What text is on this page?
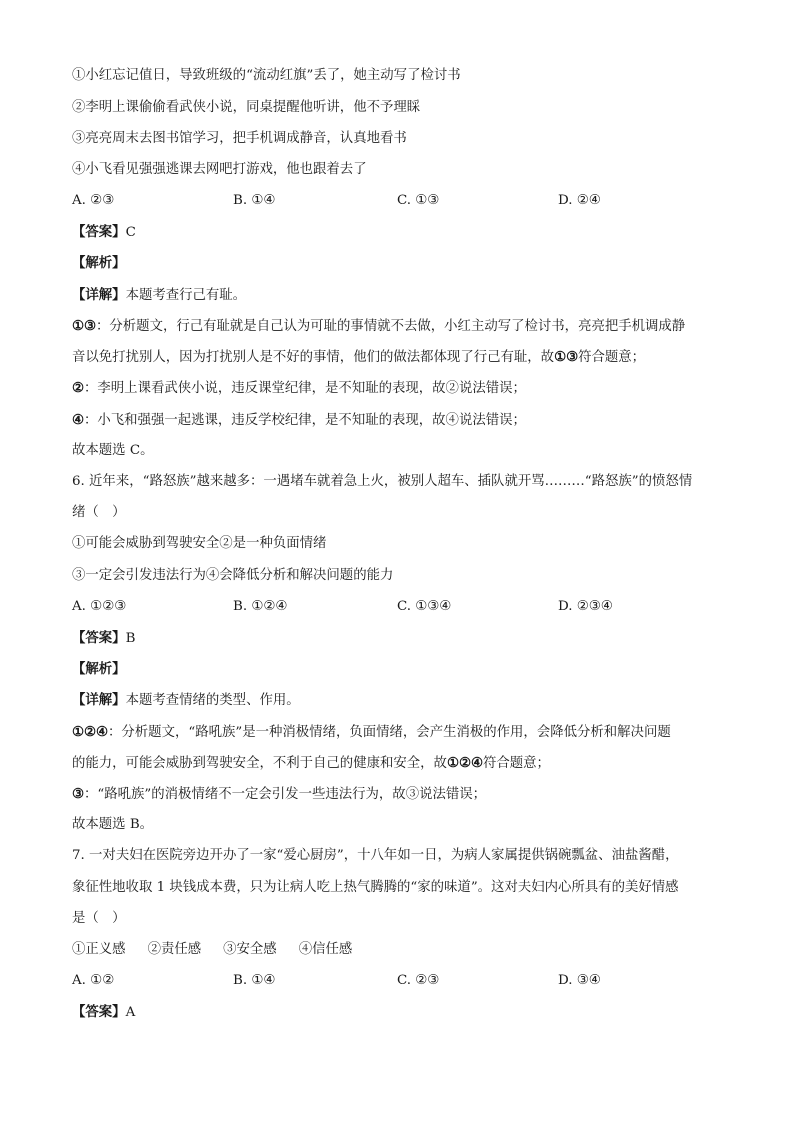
①小红忘记值日，导致班级的“流动红旗”丢了，她主动写了检讨书
②李明上课偷偷看武侠小说，同桌提醒他听讲，他不予理睬
③亮亮周末去图书馆学习，把手机调成静音，认真地看书
④小飞看见强强逃课去网吧打游戏，他也跟着去了
A. ②③	B. ①④	C. ①③	D. ②④
【答案】C
【解析】
【详解】本题考查行己有耻。
①③：分析题文，行己有耻就是自己认为可耻的事情就不去做，小红主动写了检讨书，亮亮把手机调成静
音以免打扰别人，因为打扰别人是不好的事情，他们的做法都体现了行己有耻，故①③符合题意；
②：李明上课看武侠小说，违反课堂纪律，是不知耻的表现，故②说法错误；
④：小飞和强强一起逃课，违反学校纪律，是不知耻的表现，故④说法错误；
故本题选 C。
6. 近年来，“路怒族”越来越多：一遇堵车就着急上火，被别人超车、插队就开骂………“路怒族”的愤怒情
绪（　）
①可能会威胁到驾驶安全②是一种负面情绪
③一定会引发违法行为④会降低分析和解决问题的能力
A. ①②③	B. ①②④	C. ①③④	D. ②③④
【答案】B
【解析】
【详解】本题考查情绪的类型、作用。
①②④：分析题文，“路吼族”是一种消极情绪，负面情绪，会产生消极的作用，会降低分析和解决问题
的能力，可能会威胁到驾驶安全，不利于自己的健康和安全，故①②④符合题意；
③：“路吼族”的消极情绪不一定会引发一些违法行为，故③说法错误；
故本题选 B。
7. 一对夫妇在医院旁边开办了一家“爱心厨房”，十八年如一日，为病人家属提供锅碗瓢盆、油盐酱醋，
象征性地收取 1 块钱成本费，只为让病人吃上热气腾腾的“家的味道”。这对夫妇内心所具有的美好情感
是（　）
①正义感 ②责任感 ③安全感 ④信任感
A. ①②	B. ①④	C. ②③	D. ③④
【答案】A
